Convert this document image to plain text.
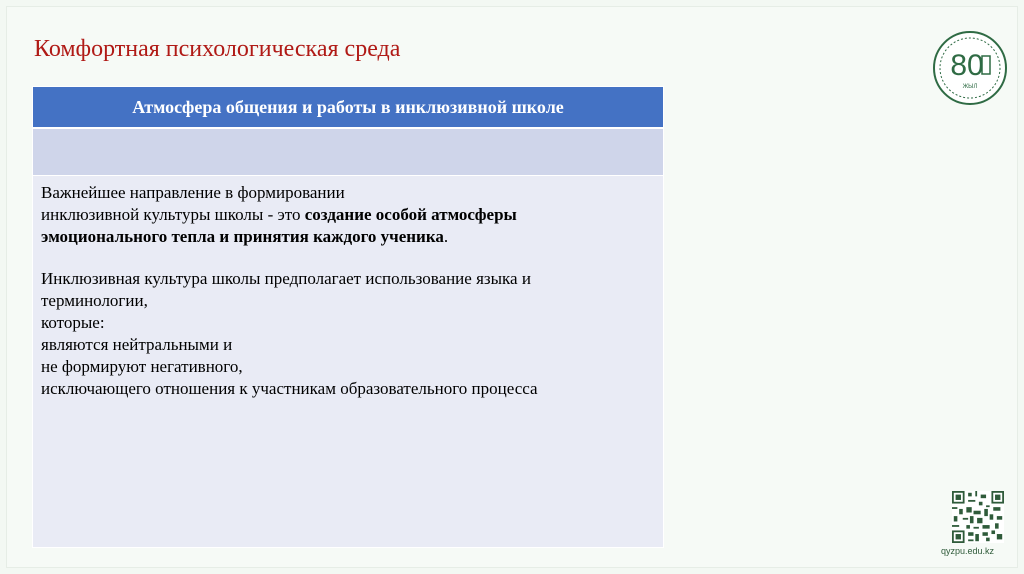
Комфортная психологическая среда
Атмосфера общения и работы в инклюзивной школе

Важнейшее направление в формировании

инклюзивной культуры школы - это создание особой атмосферы

эмоционального тепла и принятия каждого ученика.

Инклюзивная культура школы предполагает использование языка и

терминологии,

которые:

являются нейтральными и

не формируют негативного,

исключающего отношения к участникам образовательного процесса

80
ЖЫЛ
qyzpu.edu.kz
